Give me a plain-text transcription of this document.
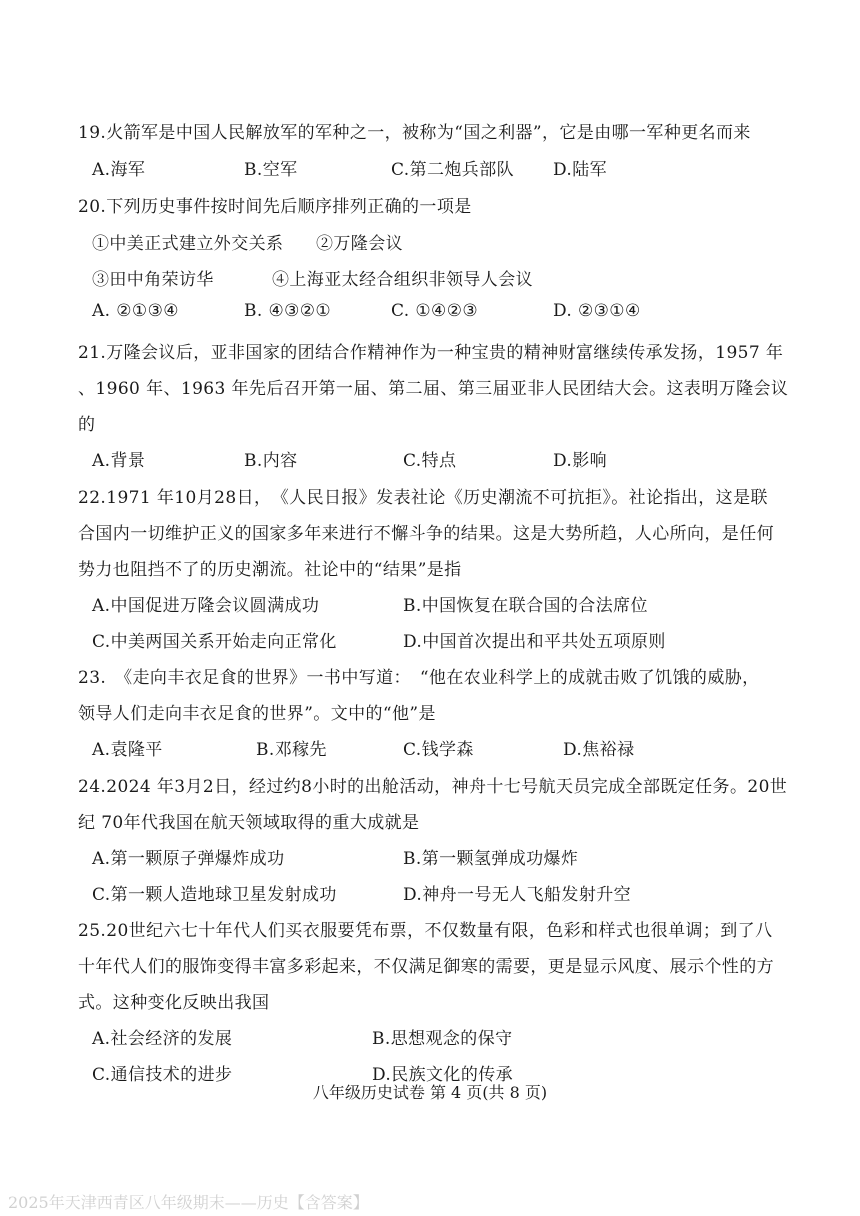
19.火箭军是中国人民解放军的军种之一，被称为“国之利器”，它是由哪一军种更名而来
A.海军	B.空军	C.第二炮兵部队 D.陆军
20.下列历史事件按时间先后顺序排列正确的一项是
①中美正式建立外交关系 ②万隆会议
③田中角荣访华	④上海亚太经合组织非领导人会议
A. ②①③④	B. ④③②①	C. ①④②③	D. ②③①④
21.万隆会议后，亚非国家的团结合作精神作为一种宝贵的精神财富继续传承发扬，1957 年
、1960 年、1963 年先后召开第一届、第二届、第三届亚非人民团结大会。这表明万隆会议
的
A.背景	B.内容	C.特点	D.影响
22.1971 年10月28日，　《人民日报》发表社论《历史潮流不可抗拒》。社论指出，这是联
合国内一切维护正义的国家多年来进行不懈斗争的结果。这是大势所趋，人心所向，是任何
势力也阻挡不了的历史潮流。社论中的“结果”是指
A.中国促进万隆会议圆满成功	B.中国恢复在联合国的合法席位
C.中美两国关系开始走向正常化	D.中国首次提出和平共处五项原则
23.　《走向丰衣足食的世界》一书中写道：　“他在农业科学上的成就击败了饥饿的威胁，
领导人们走向丰衣足食的世界”。文中的“他”是
A.袁隆平	B.邓稼先	C.钱学森	D.焦裕禄
24.2024 年3月2日，经过约8小时的出舱活动，神舟十七号航天员完成全部既定任务。20世
纪 70年代我国在航天领域取得的重大成就是
A.第一颗原子弹爆炸成功	B.第一颗氢弹成功爆炸
C.第一颗人造地球卫星发射成功	D.神舟一号无人飞船发射升空
25.20世纪六七十年代人们买衣服要凭布票，不仅数量有限，色彩和样式也很单调；到了八
十年代人们的服饰变得丰富多彩起来，不仅满足御寒的需要，更是显示风度、展示个性的方
式。这种变化反映出我国
A.社会经济的发展	B.思想观念的保守
C.通信技术的进步	D.民族文化的传承
八年级历史试卷 第 4 页(共 8 页)
2025年天津西青区八年级期末——历史【含答案】
